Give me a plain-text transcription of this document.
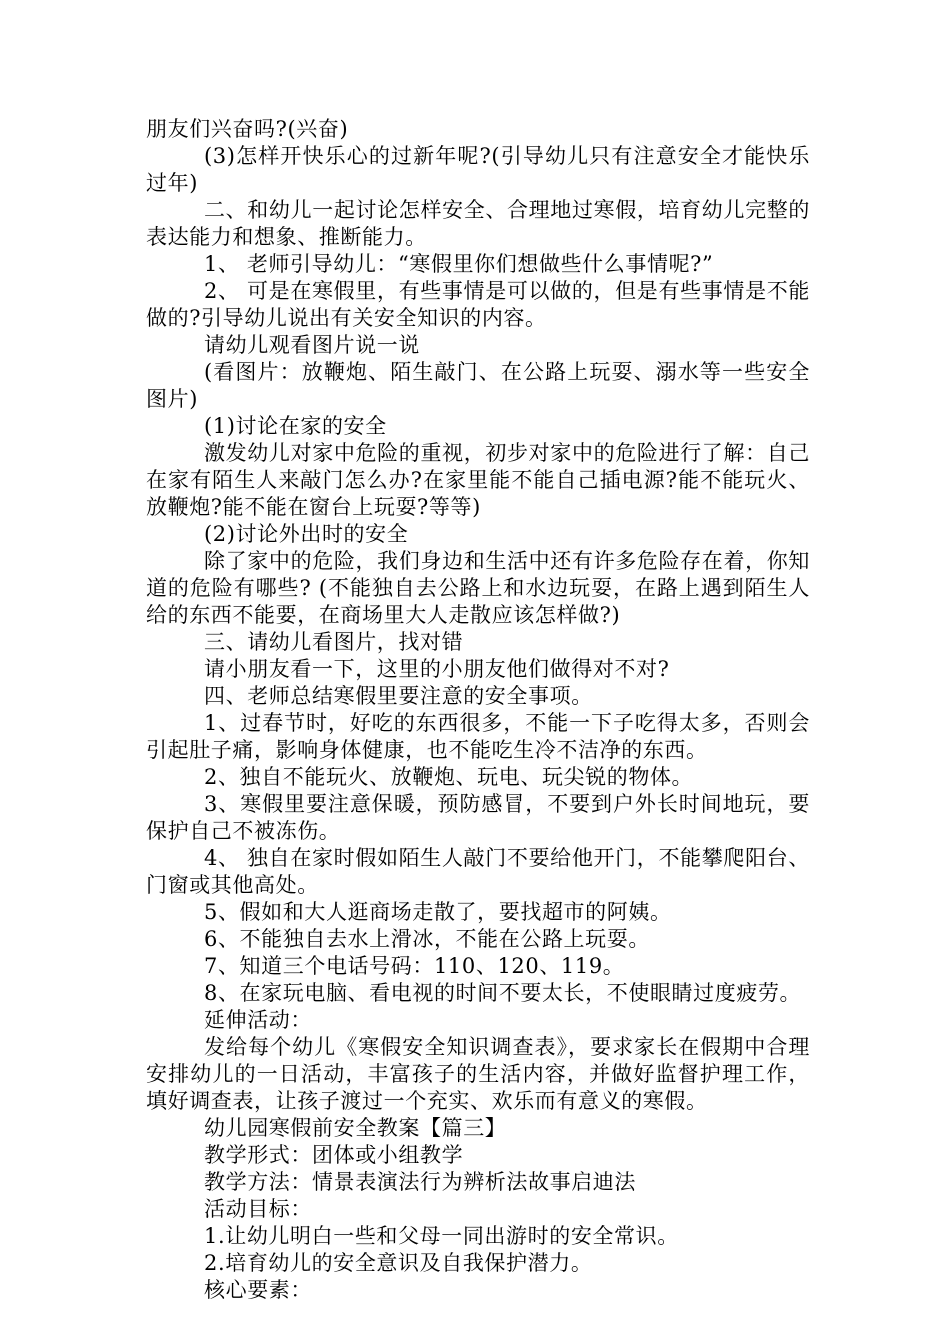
朋友们兴奋吗?(兴奋)

(3)怎样开快乐心的过新年呢?(引导幼儿只有注意安全才能快乐过年)

二、和幼儿一起讨论怎样安全、合理地过寒假，培育幼儿完整的表达能力和想象、推断能力。

1、 老师引导幼儿：“寒假里你们想做些什么事情呢?”

2、 可是在寒假里，有些事情是可以做的，但是有些事情是不能做的?引导幼儿说出有关安全知识的内容。

请幼儿观看图片说一说

(看图片：放鞭炮、陌生敲门、在公路上玩耍、溺水等一些安全图片)

(1)讨论在家的安全

激发幼儿对家中危险的重视，初步对家中的危险进行了解：自己在家有陌生人来敲门怎么办?在家里能不能自己插电源?能不能玩火、放鞭炮?能不能在窗台上玩耍?等等)

(2)讨论外出时的安全

除了家中的危险，我们身边和生活中还有许多危险存在着，你知道的危险有哪些? (不能独自去公路上和水边玩耍，在路上遇到陌生人给的东西不能要，在商场里大人走散应该怎样做?)

三、请幼儿看图片，找对错

请小朋友看一下，这里的小朋友他们做得对不对?

四、老师总结寒假里要注意的安全事项。

1、过春节时，好吃的东西很多，不能一下子吃得太多，否则会引起肚子痛，影响身体健康，也不能吃生冷不洁净的东西。

2、独自不能玩火、放鞭炮、玩电、玩尖锐的物体。

3、寒假里要注意保暖，预防感冒，不要到户外长时间地玩，要保护自己不被冻伤。

4、 独自在家时假如陌生人敲门不要给他开门，不能攀爬阳台、门窗或其他高处。

5、假如和大人逛商场走散了，要找超市的阿姨。

6、不能独自去水上滑冰，不能在公路上玩耍。

7、知道三个电话号码：110、120、119。

8、在家玩电脑、看电视的时间不要太长，不使眼睛过度疲劳。

延伸活动：

发给每个幼儿《寒假安全知识调查表》，要求家长在假期中合理安排幼儿的一日活动，丰富孩子的生活内容，并做好监督护理工作，填好调查表，让孩子渡过一个充实、欢乐而有意义的寒假。

幼儿园寒假前安全教案【篇三】

教学形式：团体或小组教学

教学方法：情景表演法行为辨析法故事启迪法

活动目标：

1.让幼儿明白一些和父母一同出游时的安全常识。

2.培育幼儿的安全意识及自我保护潜力。

核心要素：
